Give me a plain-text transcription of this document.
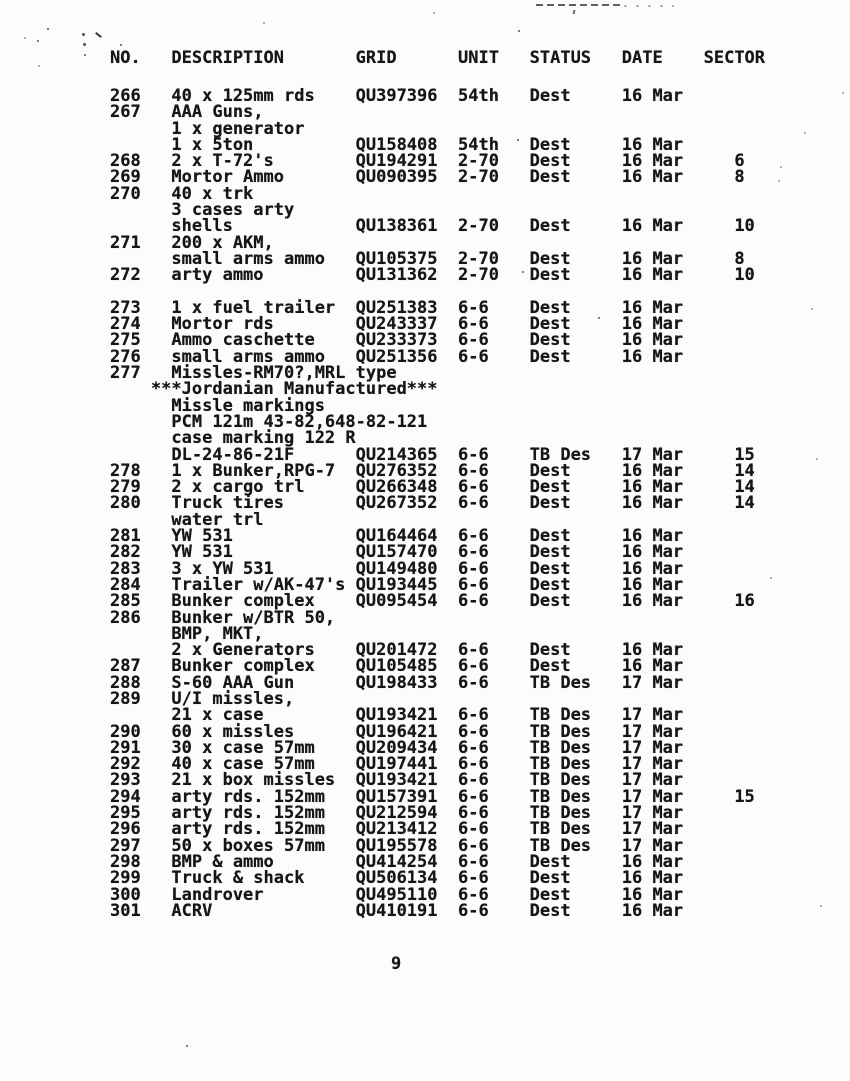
NO.   DESCRIPTION       GRID      UNIT   STATUS   DATE    SECTOR
266   40 x 125mm rds    QU397396  54th   Dest     16 Mar
267   AAA Guns,
1 x generator
1 x 5ton          QU158408  54th   Dest     16 Mar
268   2 x T-72's        QU194291  2-70   Dest     16 Mar     6
269   Mortor Ammo       QU090395  2-70   Dest     16 Mar     8
270   40 x trk
3 cases arty
shells            QU138361  2-70   Dest     16 Mar     10
271   200 x AKM,
small arms ammo   QU105375  2-70   Dest     16 Mar     8
272   arty ammo         QU131362  2-70   Dest     16 Mar     10

273   1 x fuel trailer  QU251383  6-6    Dest     16 Mar
274   Mortor rds        QU243337  6-6    Dest     16 Mar
275   Ammo caschette    QU233373  6-6    Dest     16 Mar
276   small arms ammo   QU251356  6-6    Dest     16 Mar
277   Missles-RM70?,MRL type
***Jordanian Manufactured***
Missle markings
PCM 121m 43-82,648-82-121
case marking 122 R
DL-24-86-21F      QU214365  6-6    TB Des   17 Mar     15
278   1 x Bunker,RPG-7  QU276352  6-6    Dest     16 Mar     14
279   2 x cargo trl     QU266348  6-6    Dest     16 Mar     14
280   Truck tires       QU267352  6-6    Dest     16 Mar     14
water trl
281   YW 531            QU164464  6-6    Dest     16 Mar
282   YW 531            QU157470  6-6    Dest     16 Mar
283   3 x YW 531        QU149480  6-6    Dest     16 Mar
284   Trailer w/AK-47's QU193445  6-6    Dest     16 Mar
285   Bunker complex    QU095454  6-6    Dest     16 Mar     16
286   Bunker w/BTR 50,
BMP, MKT,
2 x Generators    QU201472  6-6    Dest     16 Mar
287   Bunker complex    QU105485  6-6    Dest     16 Mar
288   S-60 AAA Gun      QU198433  6-6    TB Des   17 Mar
289   U/I missles,
21 x case         QU193421  6-6    TB Des   17 Mar
290   60 x missles      QU196421  6-6    TB Des   17 Mar
291   30 x case 57mm    QU209434  6-6    TB Des   17 Mar
292   40 x case 57mm    QU197441  6-6    TB Des   17 Mar
293   21 x box missles  QU193421  6-6    TB Des   17 Mar
294   arty rds. 152mm   QU157391  6-6    TB Des   17 Mar     15
295   arty rds. 152mm   QU212594  6-6    TB Des   17 Mar
296   arty rds. 152mm   QU213412  6-6    TB Des   17 Mar
297   50 x boxes 57mm   QU195578  6-6    TB Des   17 Mar
298   BMP & ammo        QU414254  6-6    Dest     16 Mar
299   Truck & shack     QU506134  6-6    Dest     16 Mar
300   Landrover         QU495110  6-6    Dest     16 Mar
301   ACRV              QU410191  6-6    Dest     16 Mar
9
